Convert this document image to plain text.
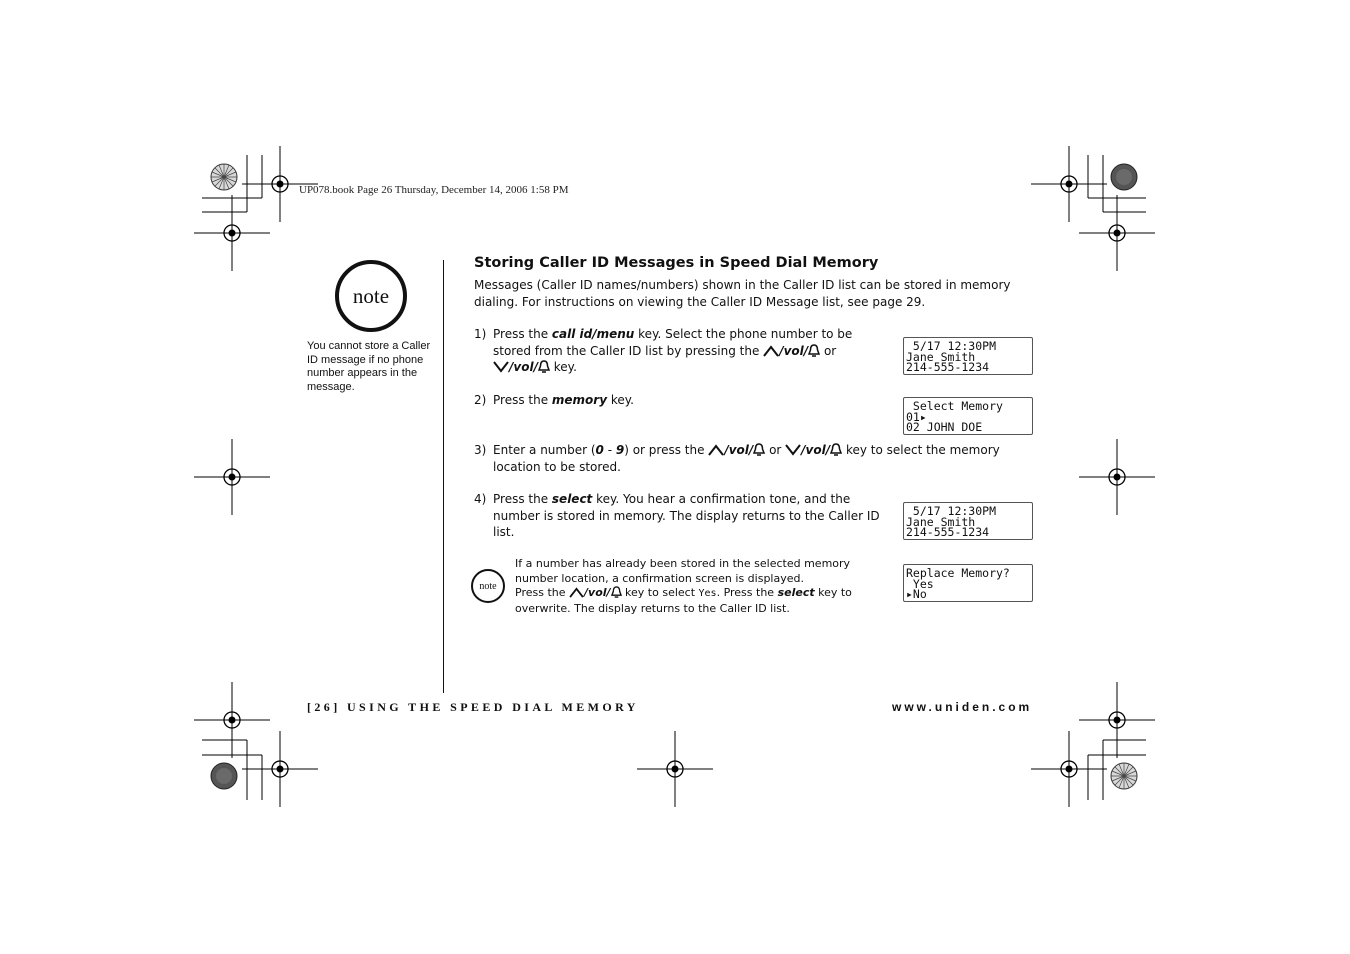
UP078.book Page 26 Thursday, December 14, 2006 1:58 PM
note
You cannot store a Caller ID message if no phone number appears in the message.
Storing Caller ID Messages in Speed Dial Memory
Messages (Caller ID names/numbers) shown in the Caller ID list can be stored in memory dialing. For instructions on viewing the Caller ID Message list, see page 29.
1) Press the call id/menu key. Select the phone number to be stored from the Caller ID list by pressing the /vol/ or /vol/ key.
2) Press the memory key.
3) Enter a number (0 - 9) or press the /vol/ or /vol/ key to select the memory location to be stored.
4) Press the select key. You hear a confirmation tone, and the number is stored in memory. The display returns to the Caller ID list.
5/17 12:30PM
Jane Smith
214-555-1234
Select Memory
01▸
02 JOHN DOE
5/17 12:30PM
Jane Smith
214-555-1234
Replace Memory?
Yes
▸No
note
If a number has already been stored in the selected memory number location, a confirmation screen is displayed.
Press the /vol/ key to select Yes. Press the select key to overwrite. The display returns to the Caller ID list.
[26] USING THE SPEED DIAL MEMORY	www.uniden.com
